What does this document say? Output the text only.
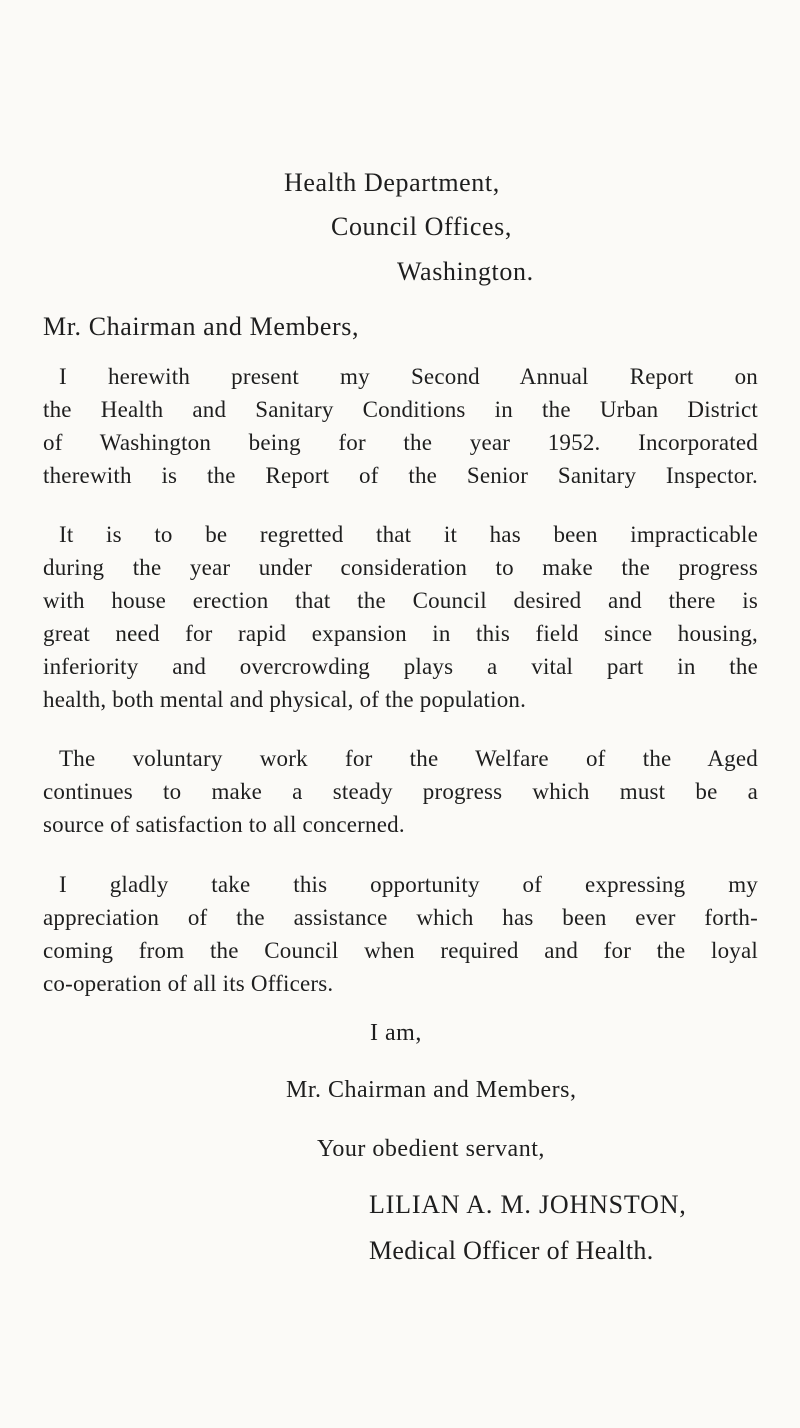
Health Department,
Council Offices,
Washington.
Mr. Chairman and Members,
I herewith present my Second Annual Report on
the Health and Sanitary Conditions in the Urban District
of Washington being for the year 1952. Incorporated
therewith is the Report of the Senior Sanitary Inspector.
It is to be regretted that it has been impracticable
during the year under consideration to make the progress
with house erection that the Council desired and there is
great need for rapid expansion in this field since housing,
inferiority and overcrowding plays a vital part in the
health, both mental and physical, of the population.
The voluntary work for the Welfare of the Aged
continues to make a steady progress which must be a
source of satisfaction to all concerned.
I gladly take this opportunity of expressing my
appreciation of the assistance which has been ever forth-
coming from the Council when required and for the loyal
co-operation of all its Officers.
I am,
Mr. Chairman and Members,
Your obedient servant,
LILIAN A. M. JOHNSTON,
Medical Officer of Health.
